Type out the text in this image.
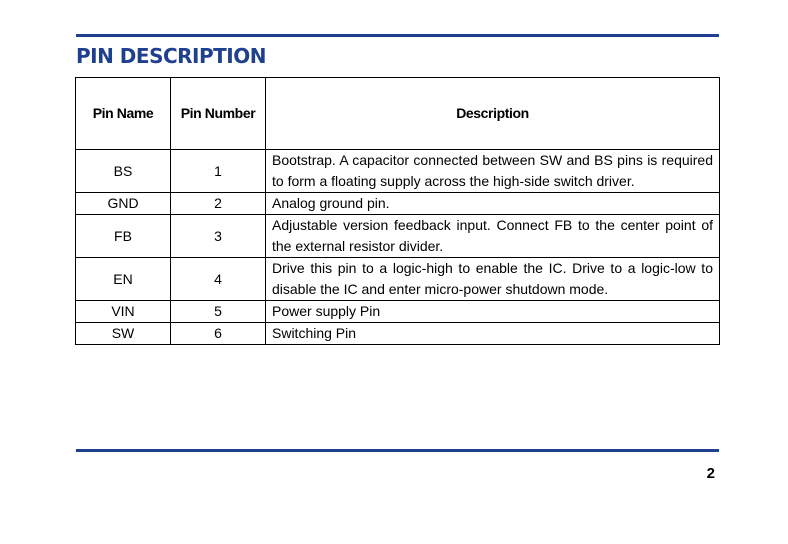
PIN DESCRIPTION
Pin Name	Pin Number	Description
BS	1	Bootstrap. A capacitor connected between SW and BS pins is required to form a floating supply across the high-side switch driver.
GND	2	Analog ground pin.
FB	3	Adjustable version feedback input. Connect FB to the center point of the external resistor divider.
EN	4	Drive this pin to a logic-high to enable the IC. Drive to a logic-low to disable the IC and enter micro-power shutdown mode.
VIN	5	Power supply Pin
SW	6	Switching Pin
2
